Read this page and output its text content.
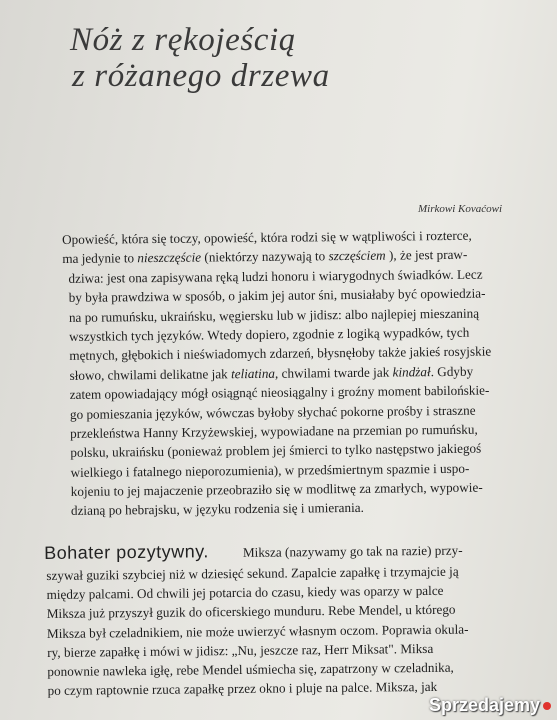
Nóż z rękojeścią
z różanego drzewa
Mirkowi Kovaćowi
Opowieść, która się toczy, opowieść, która rodzi się w wątpliwości i rozterce,
ma jedynie to nieszczęście (niektórzy nazywają to szczęściem ), że jest praw-
dziwa: jest ona zapisywana ręką ludzi honoru i wiarygodnych świadków. Lecz
by była prawdziwa w sposób, o jakim jej autor śni, musiałaby być opowiedzia-
na po rumuńsku, ukraińsku, węgiersku lub w jidisz: albo najlepiej mieszaniną
wszystkich tych języków. Wtedy dopiero, zgodnie z logiką wypadków, tych
mętnych, głębokich i nieświadomych zdarzeń, błysnęłoby także jakieś rosyjskie
słowo, chwilami delikatne jak teliatina, chwilami twarde jak kindżał. Gdyby
zatem opowiadający mógł osiągnąć nieosiągalny i groźny moment babilońskie-
go pomieszania języków, wówczas byłoby słychać pokorne prośby i straszne
przekleństwa Hanny Krzyżewskiej, wypowiadane na przemian po rumuńsku,
polsku, ukraińsku (ponieważ problem jej śmierci to tylko następstwo jakiegoś
wielkiego i fatalnego nieporozumienia), w przedśmiertnym spazmie i uspo-
kojeniu to jej majaczenie przeobraziło się w modlitwę za zmarłych, wypowie-
dzianą po hebrajsku, w języku rodzenia się i umierania.
Bohater pozytywny.	Miksza (nazywamy go tak na razie) przy-
szywał guziki szybciej niż w dziesięć sekund. Zapalcie zapałkę i trzymajcie ją
między palcami. Od chwili jej potarcia do czasu, kiedy was oparzy w palce
Miksza już przyszył guzik do oficerskiego munduru. Rebe Mendel, u którego
Miksza był czeladnikiem, nie może uwierzyć własnym oczom. Poprawia okula-
ry, bierze zapałkę i mówi w jidisz: „Nu, jeszcze raz, Herr Miksat". Miksa
ponownie nawleka igłę, rebe Mendel uśmiecha się, zapatrzony w czeladnika,
po czym raptownie rzuca zapałkę przez okno i pluje na palce. Miksza, jak
Sprzedajemy
